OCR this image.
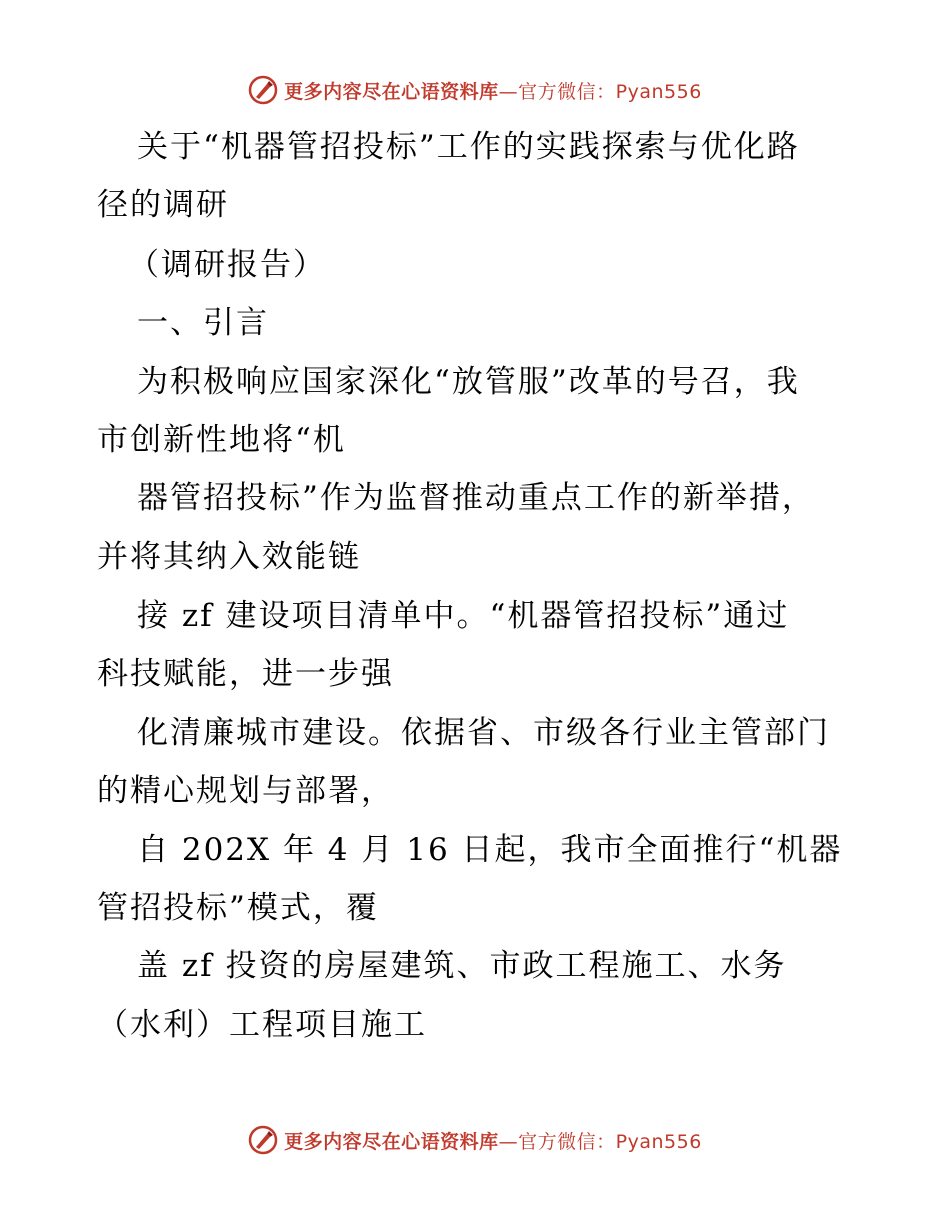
更多内容尽在心语资料库—官方微信：Pyan556
关于“机器管招投标”工作的实践探索与优化路
径的调研
（调研报告）
一、引言
为积极响应国家深化“放管服”改革的号召，我
市创新性地将“机
器管招投标”作为监督推动重点工作的新举措，
并将其纳入效能链
接 zf 建设项目清单中。“机器管招投标”通过
科技赋能，进一步强
化清廉城市建设。依据省、市级各行业主管部门
的精心规划与部署，
自 202X 年 4 月 16 日起，我市全面推行“机器
管招投标”模式，覆
盖 zf 投资的房屋建筑、市政工程施工、水务
（水利）工程项目施工
更多内容尽在心语资料库—官方微信：Pyan556
